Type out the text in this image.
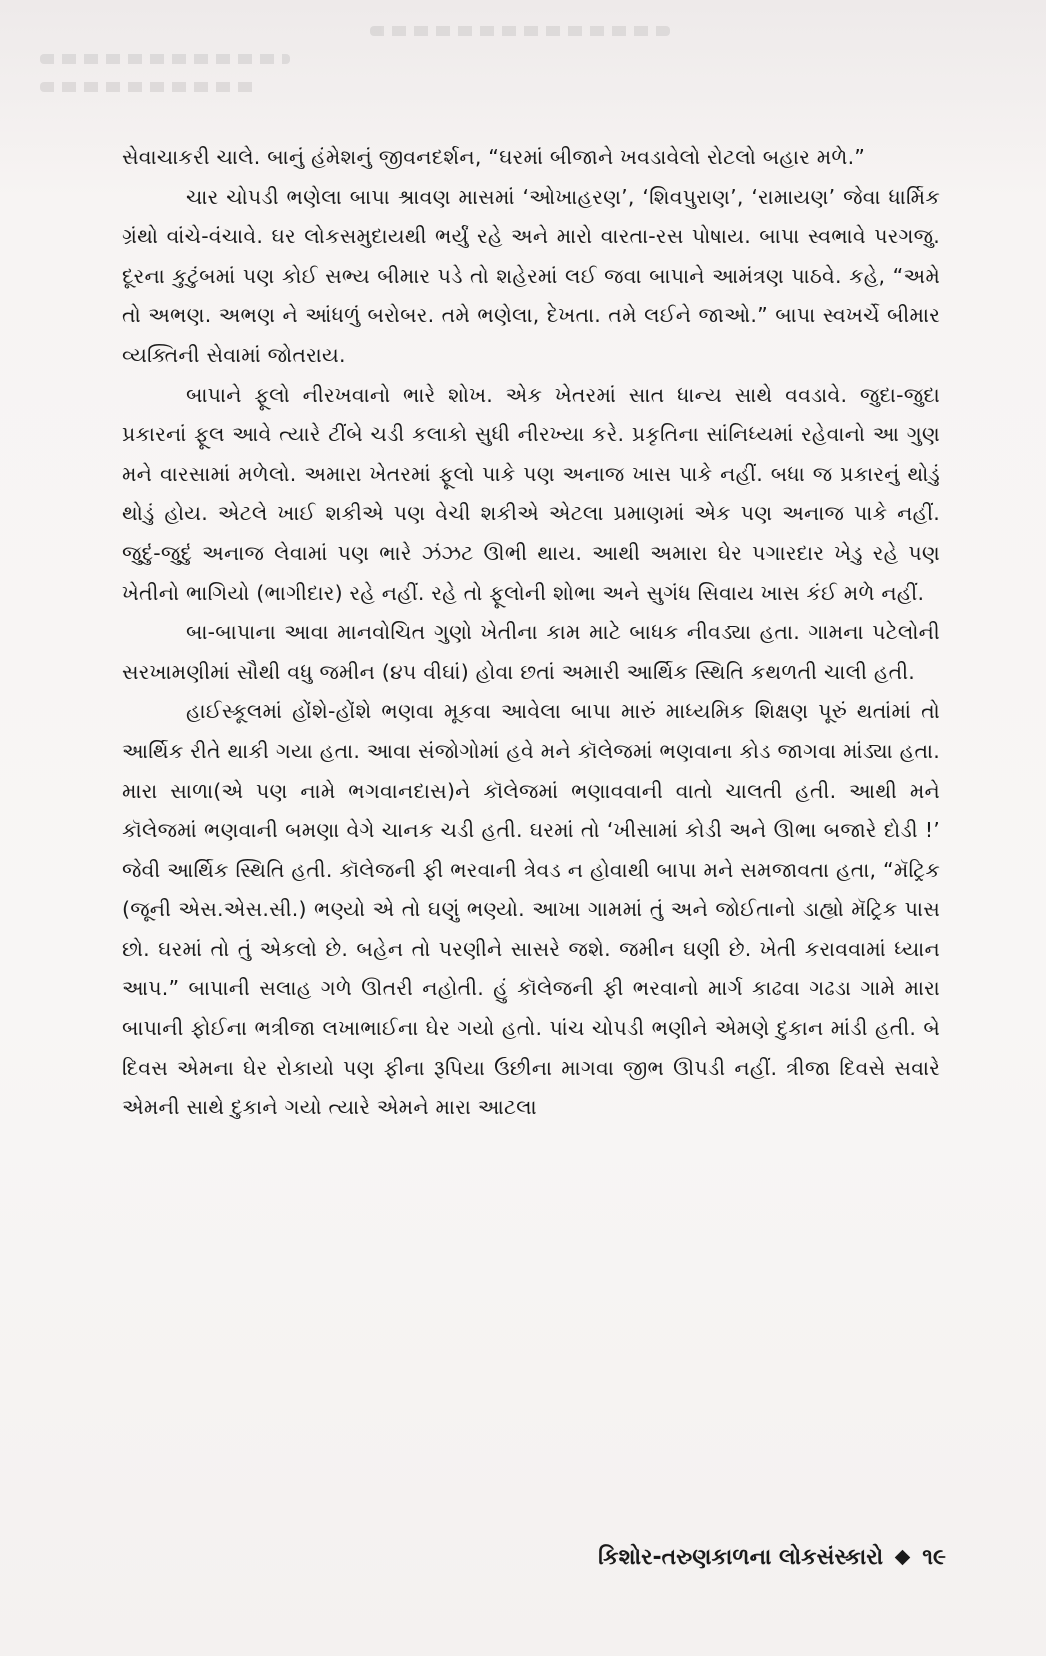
સેવાચાકરી ચાલે. બાનું હંમેશનું જીવનદર્શન, “ઘરમાં બીજાને ખવડાવેલો રોટલો બહાર મળે.”

ચાર ચોપડી ભણેલા બાપા શ્રાવણ માસમાં ‘ઓખાહરણ’, ‘શિવપુરાણ’, ‘રામાયણ’ જેવા ધાર્મિક ગ્રંથો વાંચે-વંચાવે. ઘર લોકસમુદાયથી ભર્યું રહે અને મારો વારતા-રસ પોષાય. બાપા સ્વભાવે પરગજુ. દૂરના કુટુંબમાં પણ કોઈ સભ્ય બીમાર પડે તો શહેરમાં લઈ જવા બાપાને આમંત્રણ પાઠવે. કહે, “અમે તો અભણ. અભણ ને આંધળું બરોબર. તમે ભણેલા, દેખતા. તમે લઈને જાઓ.” બાપા સ્વખર્ચે બીમાર વ્યક્તિની સેવામાં જોતરાય.

બાપાને ફૂલો નીરખવાનો ભારે શોખ. એક ખેતરમાં સાત ધાન્ય સાથે વવડાવે. જુદા-જુદા પ્રકારનાં ફૂલ આવે ત્યારે ટીંબે ચડી કલાકો સુધી નીરખ્યા કરે. પ્રકૃતિના સાંનિધ્યમાં રહેવાનો આ ગુણ મને વારસામાં મળેલો. અમારા ખેતરમાં ફૂલો પાકે પણ અનાજ ખાસ પાકે નહીં. બધા જ પ્રકારનું થોડું થોડું હોય. એટલે ખાઈ શકીએ પણ વેચી શકીએ એટલા પ્રમાણમાં એક પણ અનાજ પાકે નહીં. જુદું-જુદું અનાજ લેવામાં પણ ભારે ઝંઝટ ઊભી થાય. આથી અમારા ઘેર પગારદાર ખેડુ રહે પણ ખેતીનો ભાગિયો (ભાગીદાર) રહે નહીં. રહે તો ફૂલોની શોભા અને સુગંધ સિવાય ખાસ કંઈ મળે નહીં.

બા-બાપાના આવા માનવોચિત ગુણો ખેતીના કામ માટે બાધક નીવડ્યા હતા. ગામના પટેલોની સરખામણીમાં સૌથી વધુ જમીન (૪૫ વીઘાં) હોવા છતાં અમારી આર્થિક સ્થિતિ કથળતી ચાલી હતી.

હાઈસ્કૂલમાં હોંશે-હોંશે ભણવા મૂકવા આવેલા બાપા મારું માધ્યમિક શિક્ષણ પૂરું થતાંમાં તો આર્થિક રીતે થાકી ગયા હતા. આવા સંજોગોમાં હવે મને કૉલેજમાં ભણવાના કોડ જાગવા માંડ્યા હતા. મારા સાળા(એ પણ નામે ભગવાનદાસ)ને કૉલેજમાં ભણાવવાની વાતો ચાલતી હતી. આથી મને કૉલેજમાં ભણવાની બમણા વેગે ચાનક ચડી હતી. ઘરમાં તો ‘ખીસામાં કોડી અને ઊભા બજારે દોડી !’ જેવી આર્થિક સ્થિતિ હતી. કૉલેજની ફી ભરવાની ત્રેવડ ન હોવાથી બાપા મને સમજાવતા હતા, “મૅટ્રિક (જૂની એસ.એસ.સી.) ભણ્યો એ તો ઘણું ભણ્યો. આખા ગામમાં તું અને જોઈતાનો ડાહ્યો મૅટ્રિક પાસ છો. ઘરમાં તો તું એકલો છે. બહેન તો પરણીને સાસરે જશે. જમીન ઘણી છે. ખેતી કરાવવામાં ધ્યાન આપ.” બાપાની સલાહ ગળે ઊતરી નહોતી. હું કૉલેજની ફી ભરવાનો માર્ગ કાઢવા ગઢડા ગામે મારા બાપાની ફોઈના ભત્રીજા લખાભાઈના ઘેર ગયો હતો. પાંચ ચોપડી ભણીને એમણે દુકાન માંડી હતી. બે દિવસ એમના ઘેર રોકાયો પણ ફીના રૂપિયા ઉછીના માગવા જીભ ઊપડી નહીં. ત્રીજા દિવસે સવારે એમની સાથે દુકાને ગયો ત્યારે એમને મારા આટલા

કિશોર-તરુણકાળના લોકસંસ્કારો ૧૯
